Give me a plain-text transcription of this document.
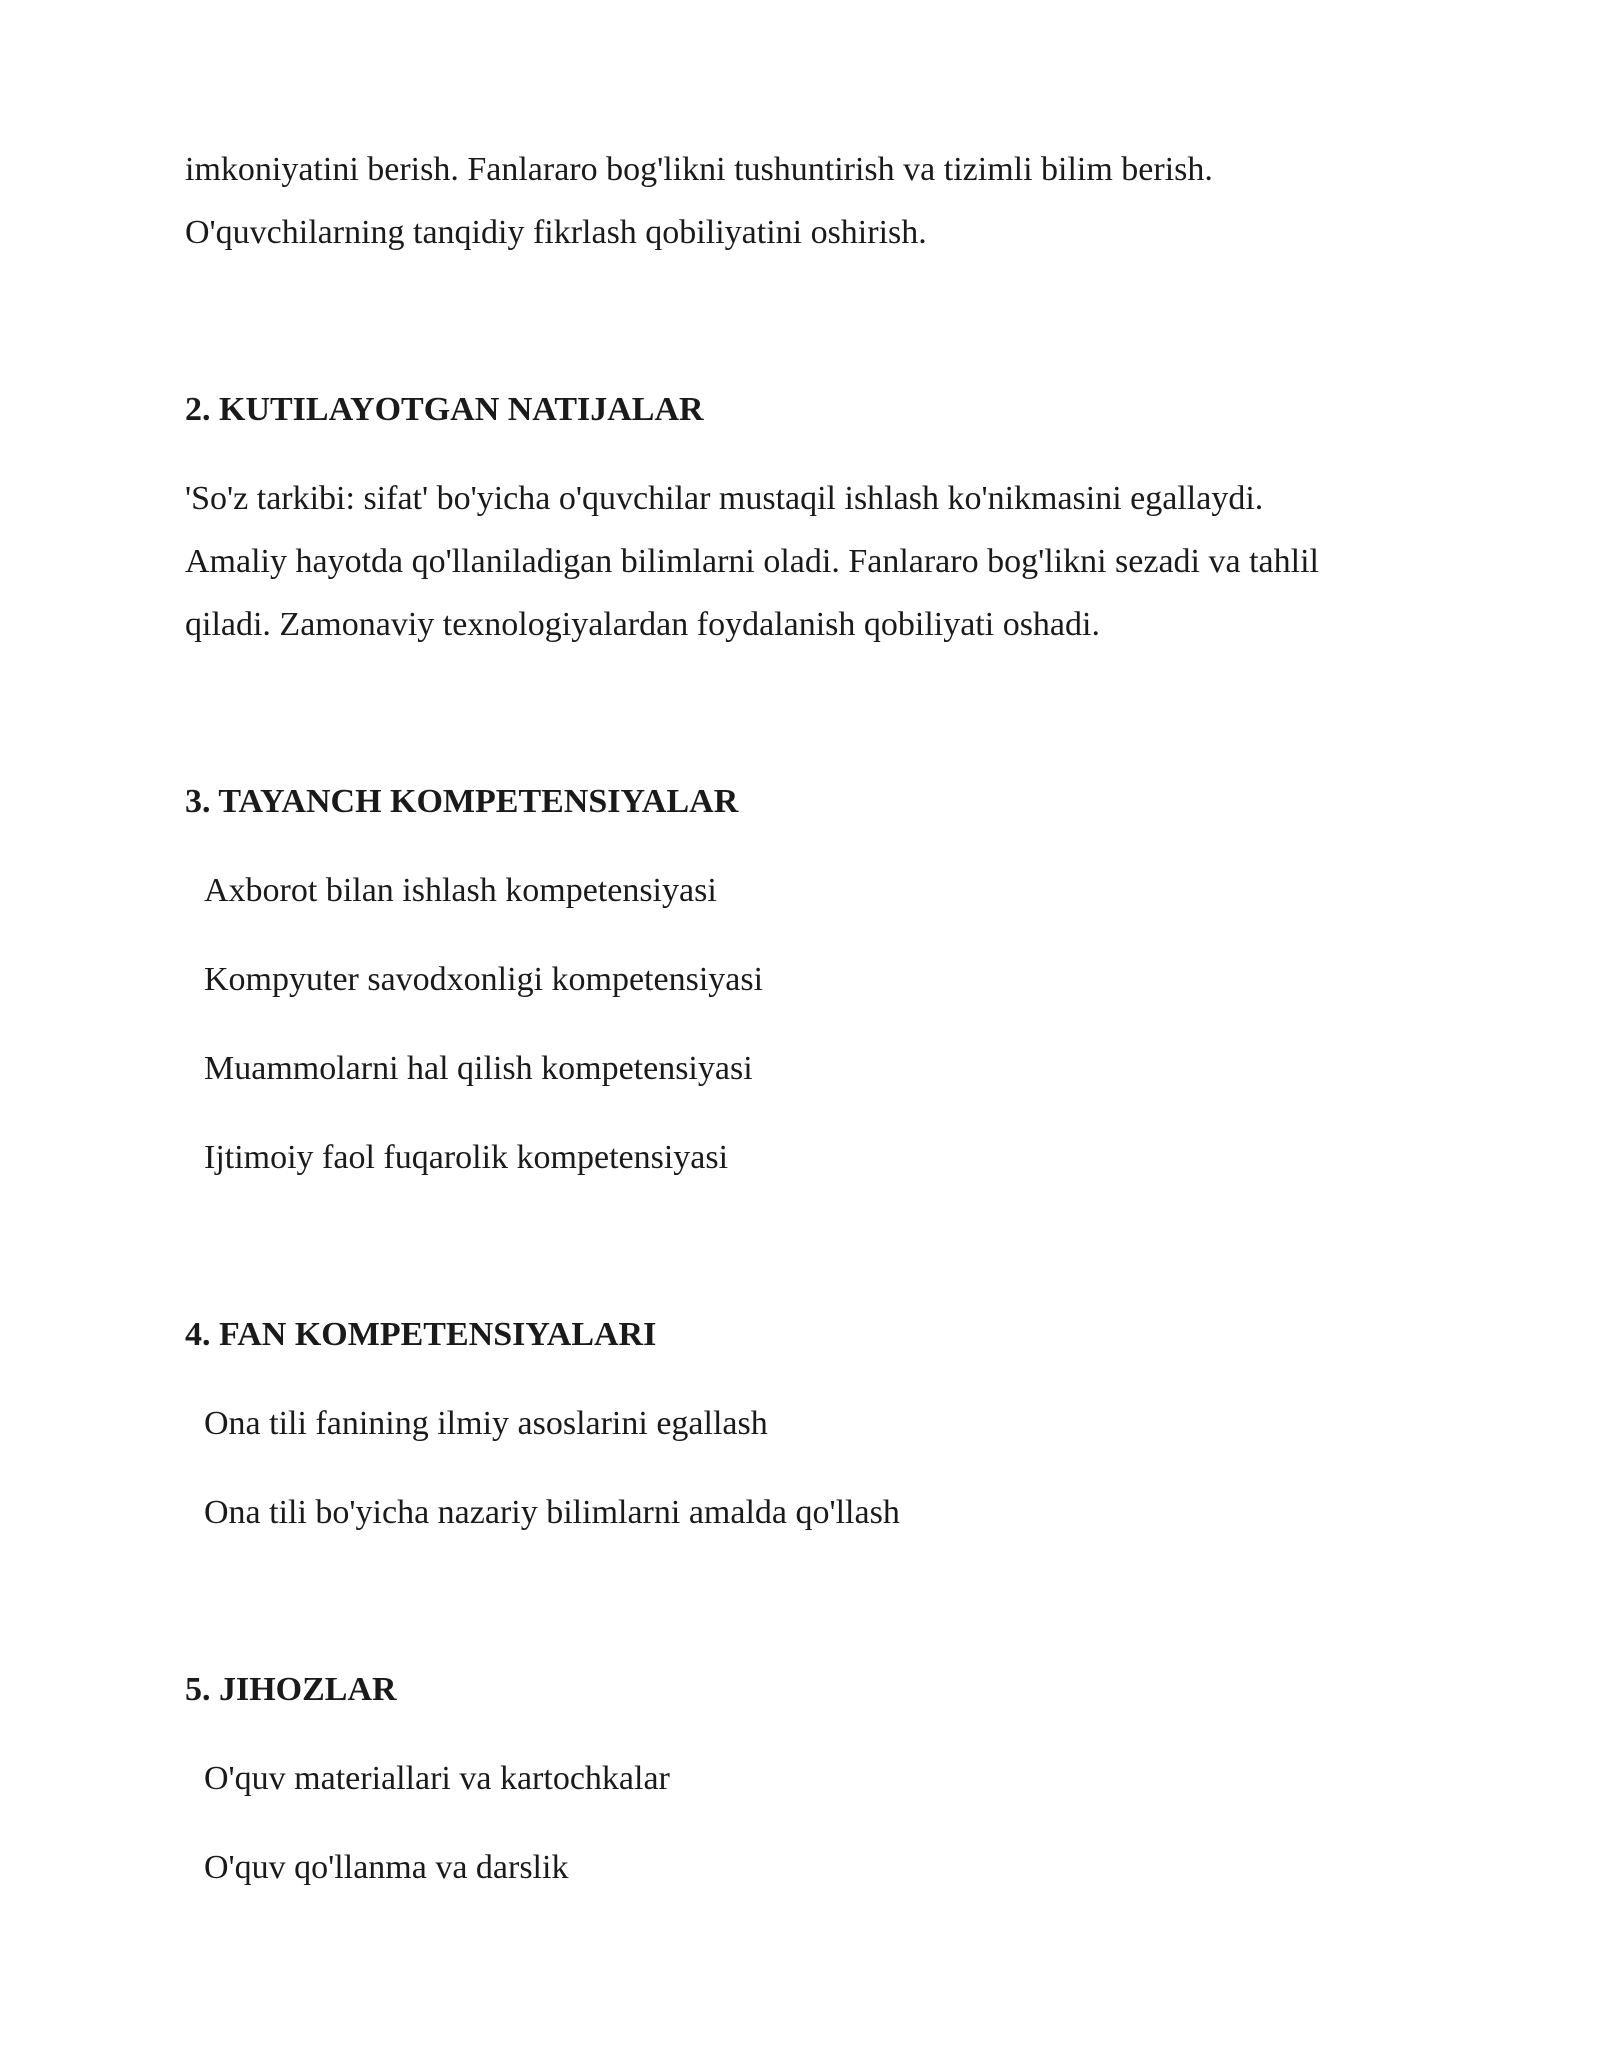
imkoniyatini berish. Fanlararo bog'likni tushuntirish va tizimli bilim berish.
O'quvchilarning tanqidiy fikrlash qobiliyatini oshirish.
2. KUTILAYOTGAN NATIJALAR
'So'z tarkibi: sifat' bo'yicha o'quvchilar mustaqil ishlash ko'nikmasini egallaydi.
Amaliy hayotda qo'llaniladigan bilimlarni oladi. Fanlararo bog'likni sezadi va tahlil
qiladi. Zamonaviy texnologiyalardan foydalanish qobiliyati oshadi.
3. TAYANCH KOMPETENSIYALAR
Axborot bilan ishlash kompetensiyasi
Kompyuter savodxonligi kompetensiyasi
Muammolarni hal qilish kompetensiyasi
Ijtimoiy faol fuqarolik kompetensiyasi
4. FAN KOMPETENSIYALARI
Ona tili fanining ilmiy asoslarini egallash
Ona tili bo'yicha nazariy bilimlarni amalda qo'llash
5. JIHOZLAR
O'quv materiallari va kartochkalar
O'quv qo'llanma va darslik
